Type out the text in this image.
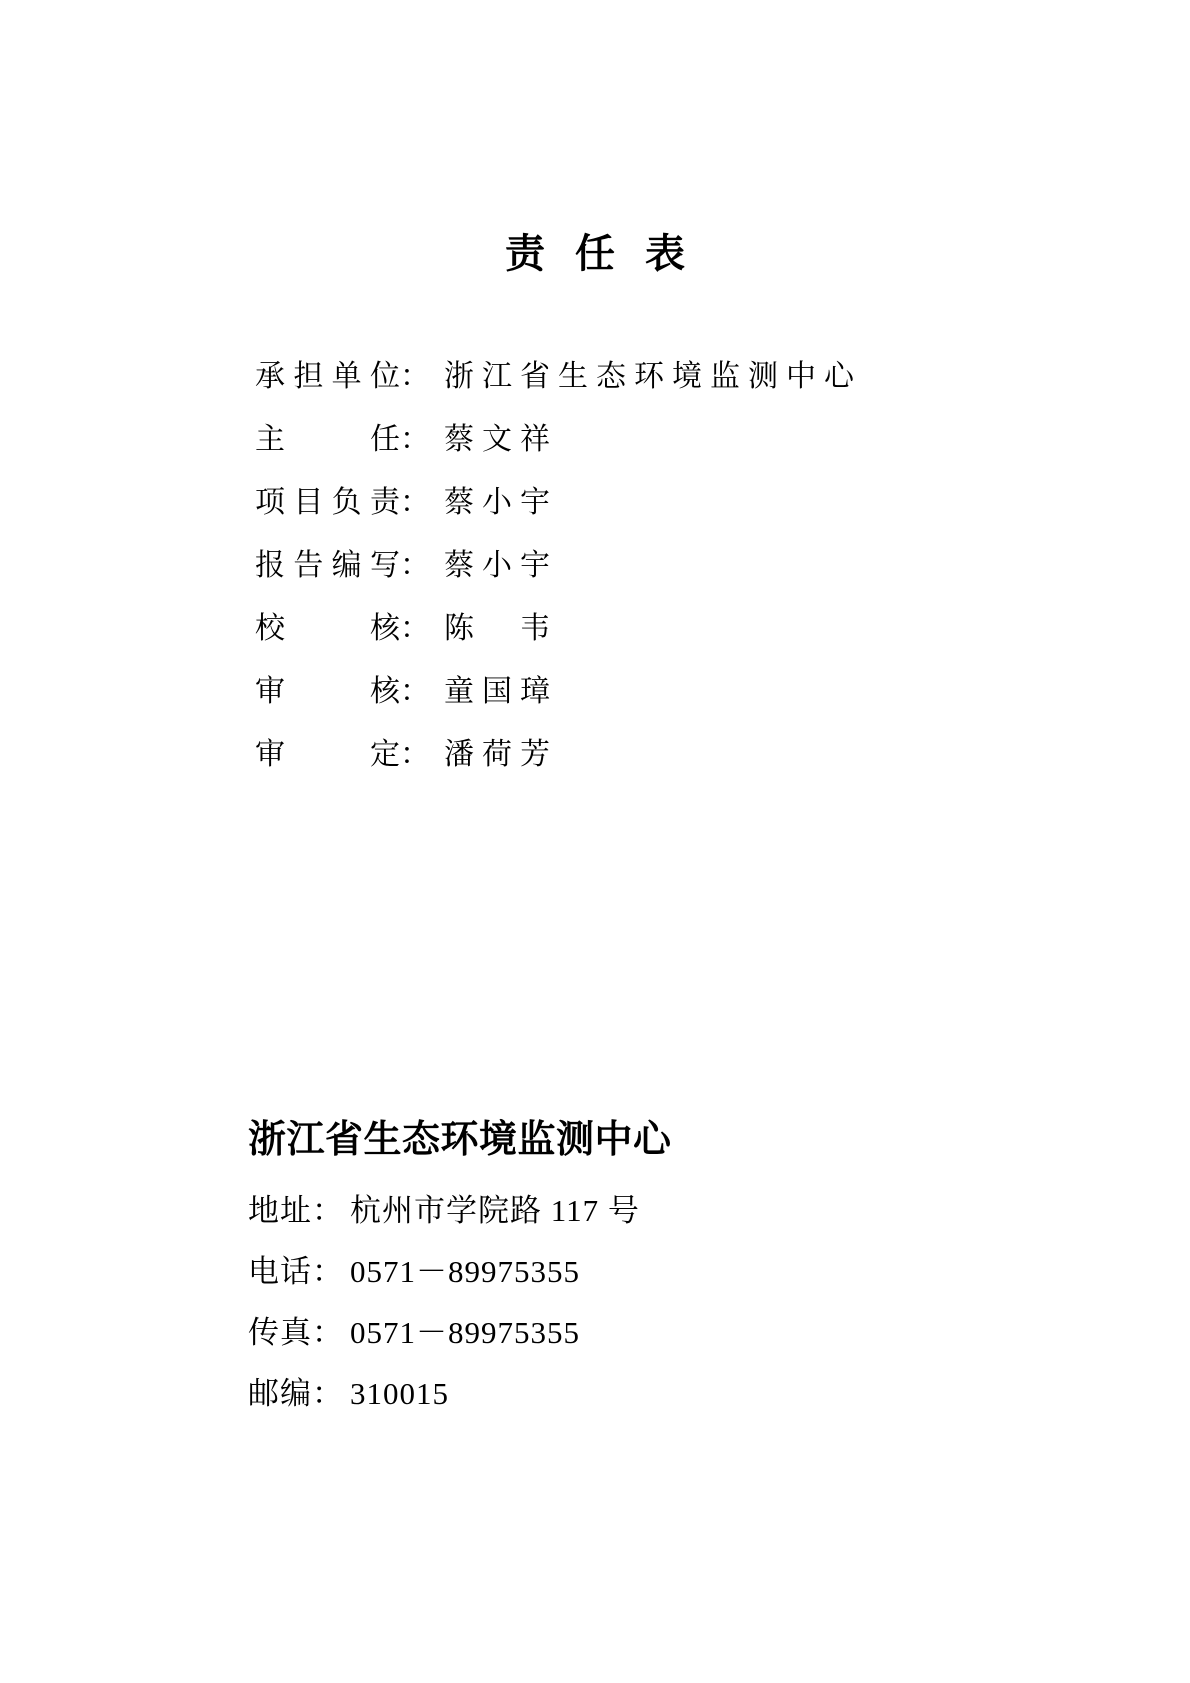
责 任 表
承担单位： 浙江省生态环境监测中心
主任： 蔡文祥
项目负责： 蔡小宇
报告编写： 蔡小宇
校核： 陈　韦
审核： 童国璋
审定： 潘荷芳
浙江省生态环境监测中心
地址： 杭州市学院路 117 号
电话： 0571－89975355
传真： 0571－89975355
邮编： 310015
